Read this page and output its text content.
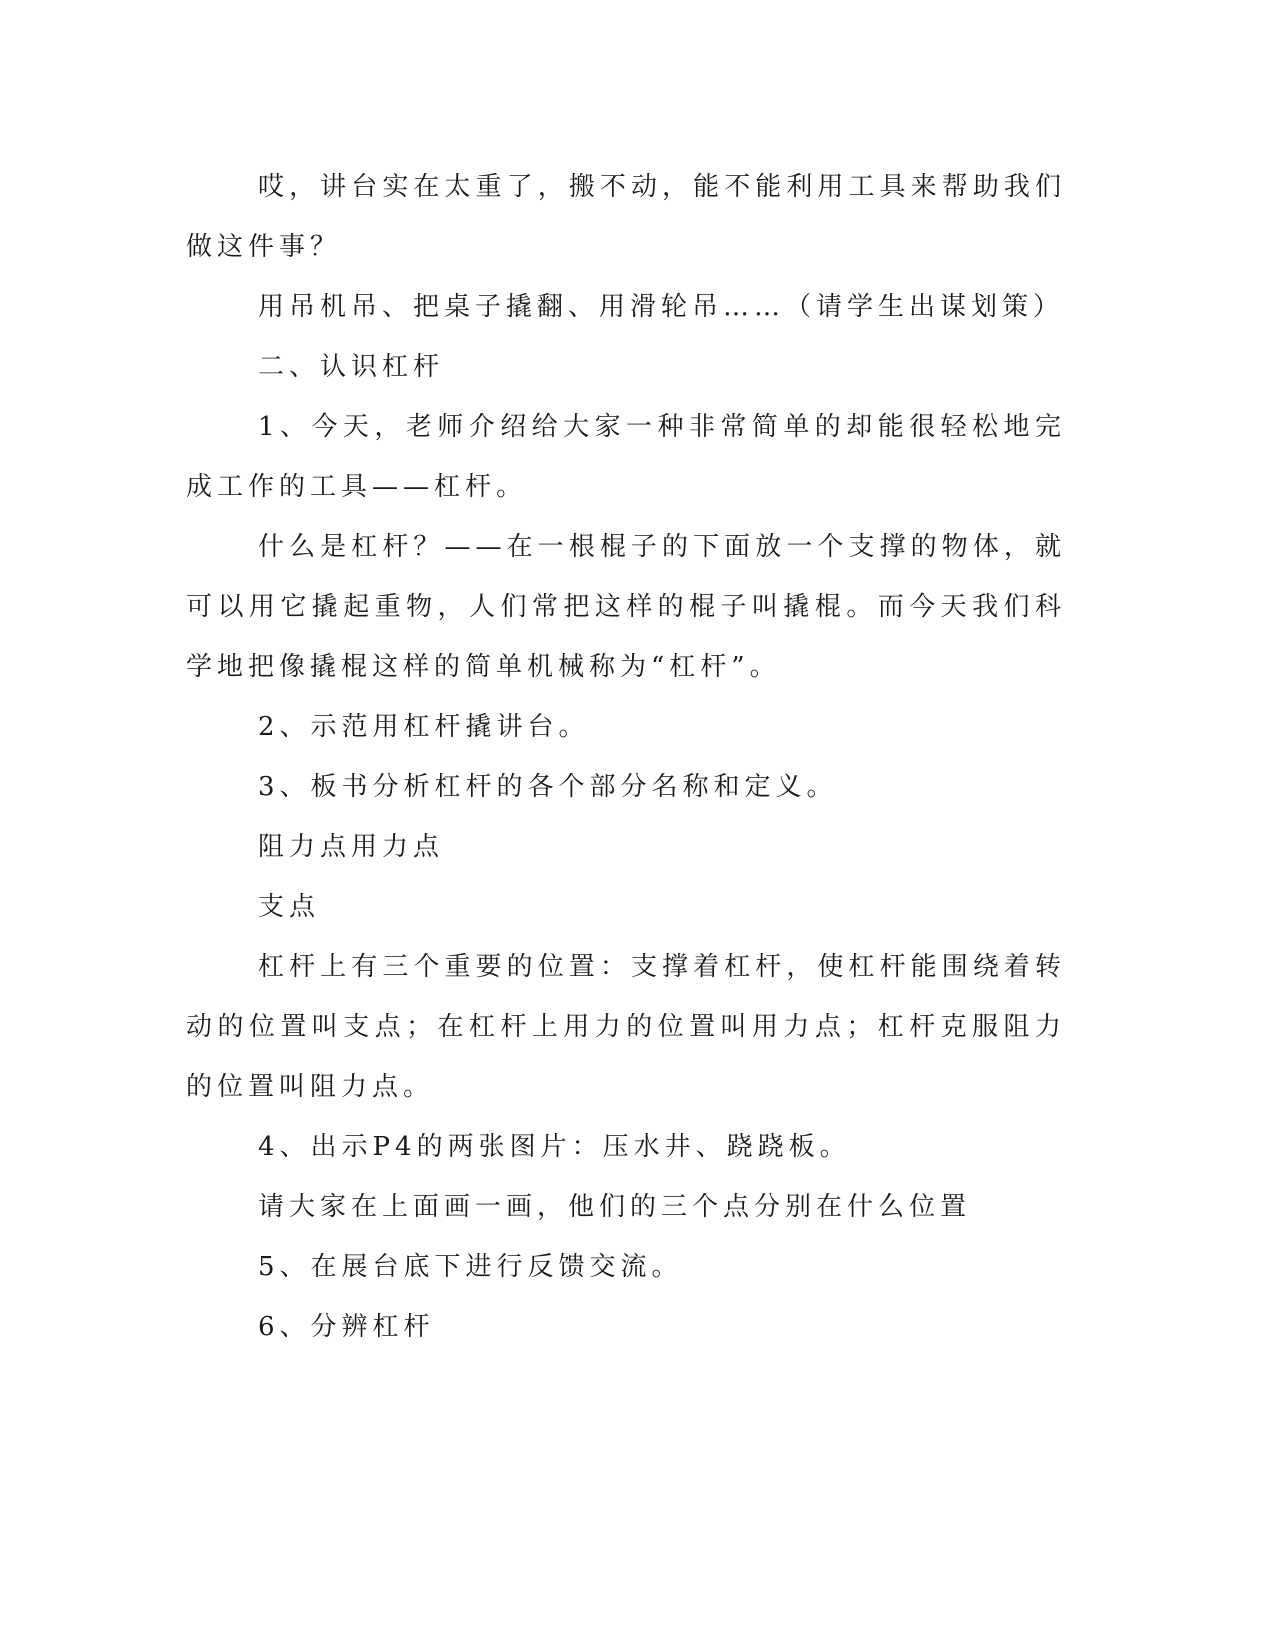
哎，讲台实在太重了，搬不动，能不能利用工具来帮助我们做这件事？

用吊机吊、把桌子撬翻、用滑轮吊……（请学生出谋划策）

二、认识杠杆

1、今天，老师介绍给大家一种非常简单的却能很轻松地完成工作的工具——杠杆。

什么是杠杆？——在一根棍子的下面放一个支撑的物体，就可以用它撬起重物，人们常把这样的棍子叫撬棍。而今天我们科学地把像撬棍这样的简单机械称为“杠杆”。

2、示范用杠杆撬讲台。

3、板书分析杠杆的各个部分名称和定义。

阻力点用力点

支点

杠杆上有三个重要的位置：支撑着杠杆，使杠杆能围绕着转动的位置叫支点；在杠杆上用力的位置叫用力点；杠杆克服阻力的位置叫阻力点。

4、出示P4的两张图片：压水井、跷跷板。

请大家在上面画一画，他们的三个点分别在什么位置

5、在展台底下进行反馈交流。

6、分辨杠杆
